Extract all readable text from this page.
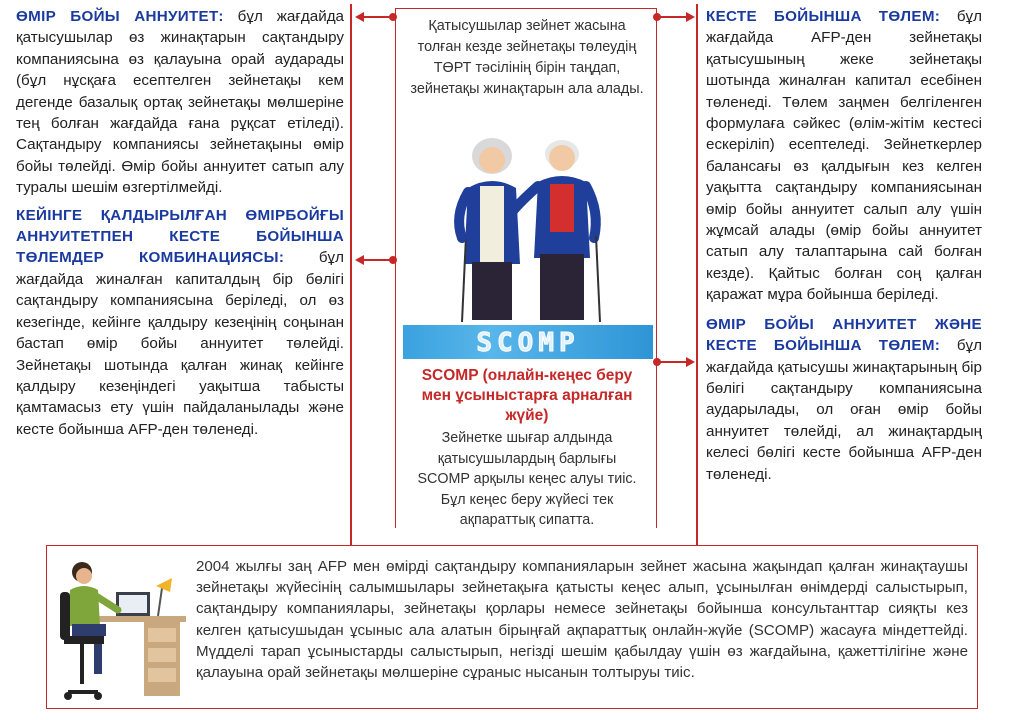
ӨМІР БОЙЫ АННУИТЕТ: бұл жағдайда қатысушылар өз жинақтарын сақтандыру компаниясына өз қалауына орай аударады (бұл нұсқаға есептелген зейнетақы кем дегенде базалық ортақ зейнетақы мөлшеріне тең болған жағдайда ғана рұқсат етіледі). Сақтандыру компаниясы зейнетақыны өмір бойы төлейді. Өмір бойы аннуитет сатып алу туралы шешім өзгертілмейді.
КЕЙІНГЕ ҚАЛДЫРЫЛҒАН ӨМІРБОЙҒЫ АННУИТЕТПЕН КЕСТЕ БОЙЫНША ТӨЛЕМДЕР КОМБИНАЦИЯСЫ: бұл жағдайда жиналған капиталдың бір бөлігі сақтандыру компаниясына беріледі, ол өз кезегінде, кейінге қалдыру кезеңінің соңынан бастап өмір бойы аннуитет төлейді. Зейнетақы шотында қалған жинақ кейінге қалдыру кезеңіндегі уақытша табысты қамтамасыз ету үшін пайдаланылады және кесте бойынша AFP-ден төленеді.
КЕСТЕ БОЙЫНША ТӨЛЕМ: бұл жағдайда AFP-ден зейнетақы қатысушының жеке зейнетақы шотында жиналған капитал есебінен төленеді. Төлем заңмен белгіленген формулаға сәйкес (өлім-жітім кестесі ескеріліп) есептеледі. Зейнеткерлер балансағы өз қалдығын кез келген уақытта сақтандыру компаниясынан өмір бойы аннуитет салып алу үшін жұмсай алады (өмір бойы аннуитет сатып алу талаптарына сай болған кезде). Қайтыс болған соң қалған қаражат мұра бойынша беріледі.
ӨМІР БОЙЫ АННУИТЕТ ЖӘНЕ КЕСТЕ БОЙЫНША ТӨЛЕМ: бұл жағдайда қатысушы жинақтарының бір бөлігі сақтандыру компаниясына аударылады, ол оған өмір бойы аннуитет төлейді, ал жинақтардың келесі бөлігі кесте бойынша AFP-ден төленеді.
Қатысушылар зейнет жасына толған кезде зейнетақы төлеудің ТӨРТ тәсілінің бірін таңдап, зейнетақы жинақтарын ала алады.
SCOMP
SCOMP (онлайн-кеңес беру мен ұсыныстарға арналған жүйе)
Зейнетке шығар алдында қатысушылардың барлығы SCOMP арқылы кеңес алуы тиіс. Бұл кеңес беру жүйесі тек ақпараттық сипатта.
2004 жылғы заң AFP мен өмірді сақтандыру компанияларын зейнет жасына жақындап қалған жинақтаушы зейнетақы жүйесінің салымшылары зейнетақыға қатысты кеңес алып, ұсынылған өнімдерді салыстырып, сақтандыру компаниялары, зейнетақы қорлары немесе зейнетақы бойынша консультанттар сияқты кез келген қатысушыдан ұсыныс ала алатын бірыңғай ақпараттық онлайн-жүйе (SCOMP) жасауға міндеттейді. Мүдделі тарап ұсыныстарды салыстырып, негізді шешім қабылдау үшін өз жағдайына, қажеттілігіне және қалауына орай зейнетақы мөлшеріне сұраныс нысанын толтыруы тиіс.
